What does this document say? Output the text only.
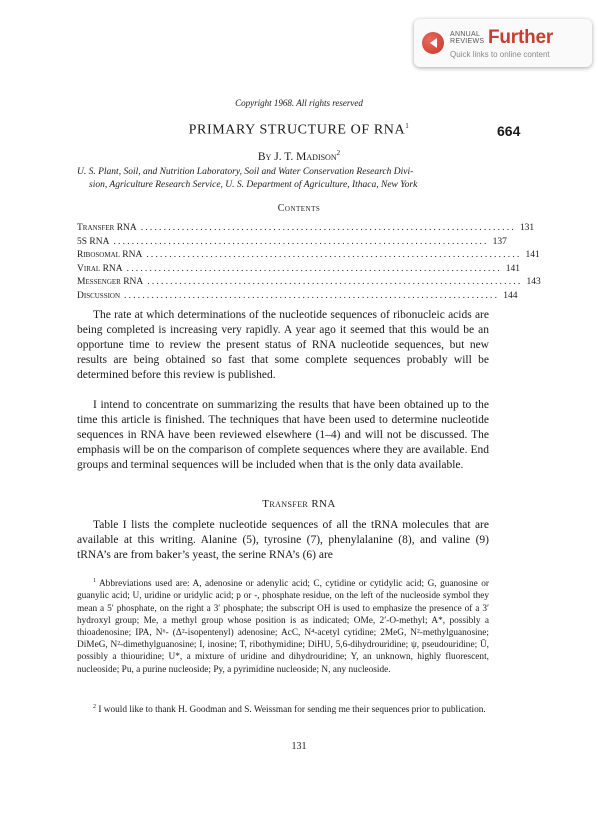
ANNUAL REVIEWS Further
Quick links to online content
664
Copyright 1968. All rights reserved
PRIMARY STRUCTURE OF RNA$^1$
By J. T. Madison$^2$
U. S. Plant, Soil, and Nutrition Laboratory, Soil and Water Conservation Research Divi-
sion, Agriculture Research Service, U. S. Department of Agriculture, Ithaca, New York
Contents
Transfer RNA .................................................................................. 131
5S RNA .................................................................................. 137
Ribosomal RNA .................................................................................. 141
Viral RNA .................................................................................. 141
Messenger RNA .................................................................................. 143
Discussion .................................................................................. 144
The rate at which determinations of the nucleotide sequences of ribonucleic acids are being completed is increasing very rapidly. A year ago it seemed that this would be an opportune time to review the present status of RNA nucleotide sequences, but new results are being obtained so fast that some complete sequences probably will be determined before this review is published.
I intend to concentrate on summarizing the results that have been obtained up to the time this article is finished. The techniques that have been used to determine nucleotide sequences in RNA have been reviewed elsewhere (1–4) and will not be discussed. The emphasis will be on the comparison of complete sequences where they are available. End groups and terminal sequences will be included when that is the only data available.
Transfer RNA
Table I lists the complete nucleotide sequences of all the tRNA molecules that are available at this writing. Alanine (5), tyrosine (7), phenylalanine (8), and valine (9) tRNA’s are from baker’s yeast, the serine RNA’s (6) are
$^1$ Abbreviations used are: A, adenosine or adenylic acid; C, cytidine or cytidylic acid; G, guanosine or guanylic acid; U, uridine or uridylic acid; p or -, phosphate residue, on the left of the nucleoside symbol they mean a 5′ phosphate, on the right a 3′ phosphate; the subscript OH is used to emphasize the presence of a 3′ hydroxyl group; Me, a methyl group whose position is as indicated; OMe, 2′-O-methyl; A*, possibly a thioadenosine; IPA, N⁶- (Δ²-isopentenyl) adenosine; AcC, N⁴-acetyl cytidine; 2MeG, N²-methylguanosine; DiMeG, N²-dimethylguanosine; I, inosine; T, ribothymidine; DiHU, 5,6-dihydrouridine; ψ, pseudouridine; Ū, possibly a thiouridine; U*, a mixture of uridine and dihydrouridine; Y, an unknown, highly fluorescent, nucleoside; Pu, a purine nucleoside; Py, a pyrimidine nucleoside; N, any nucleoside.
$^2$ I would like to thank H. Goodman and S. Weissman for sending me their sequences prior to publication.
131
